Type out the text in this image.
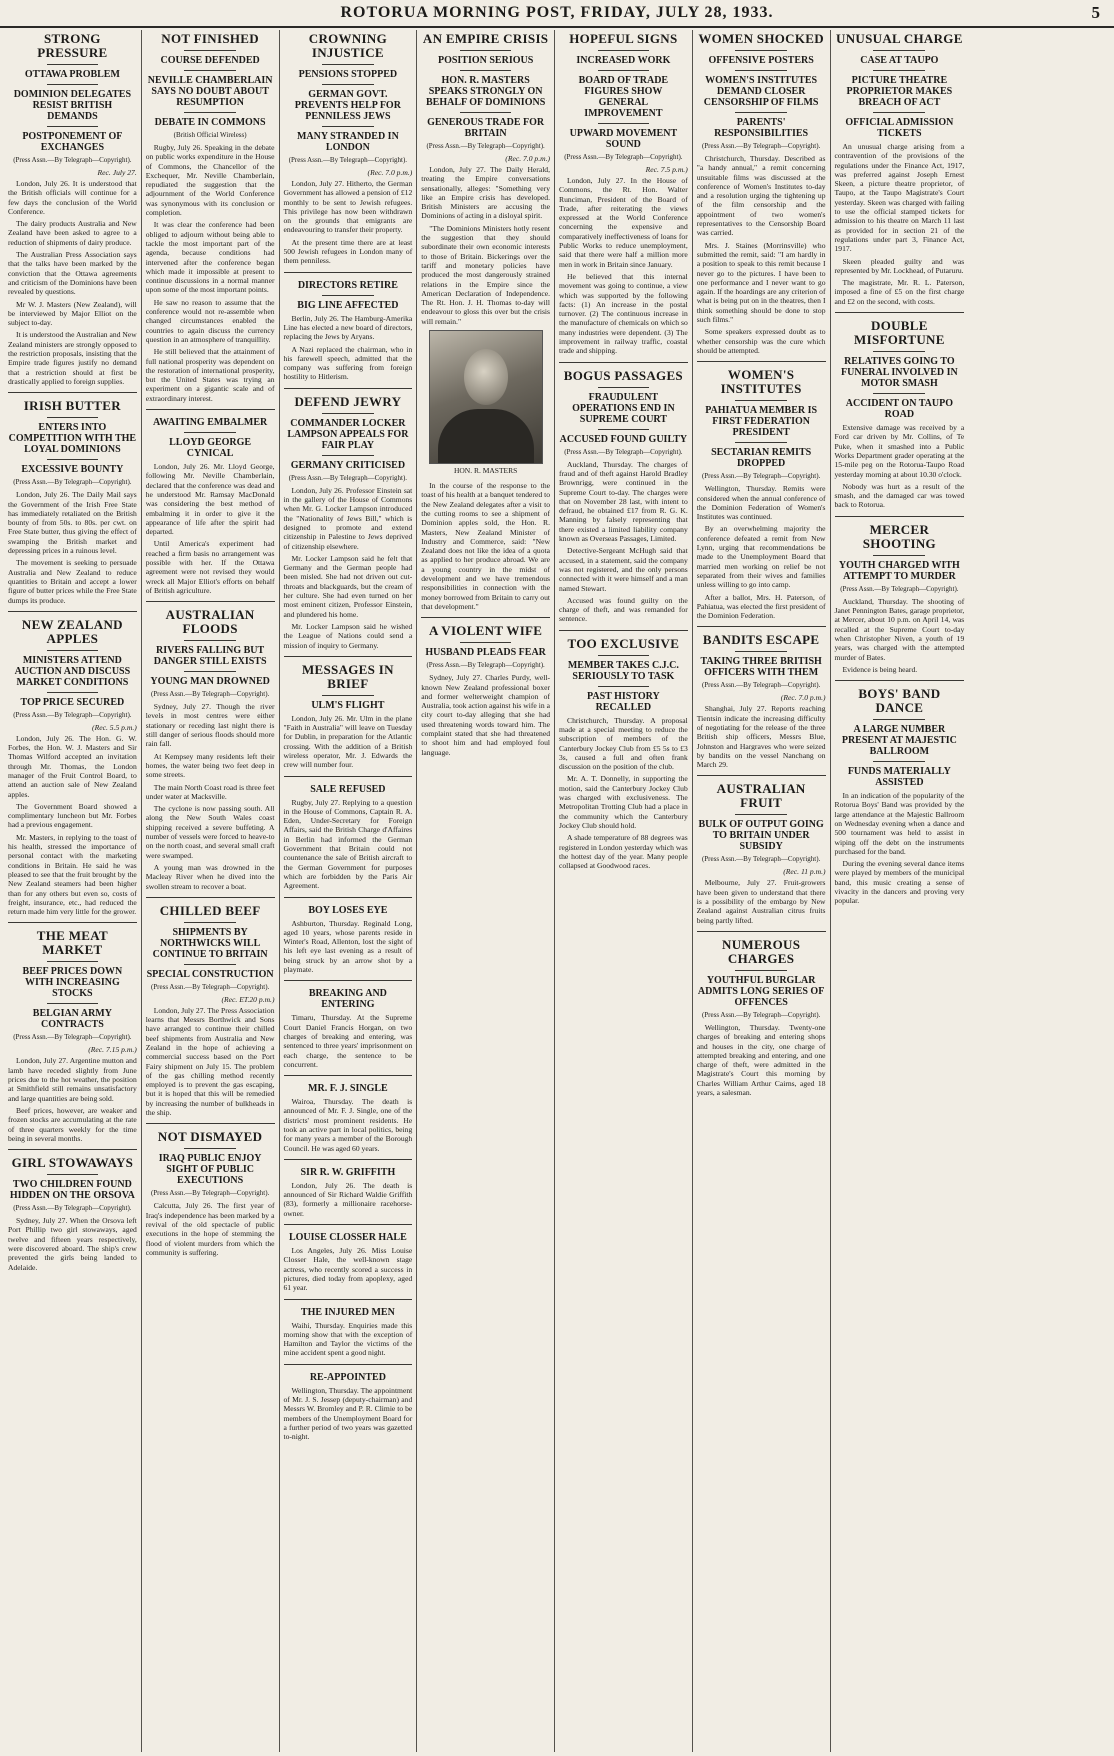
ROTORUA MORNING POST, FRIDAY, JULY 28, 1933.	5
STRONG PRESSURE
OTTAWA PROBLEM
DOMINION DELEGATES RESIST BRITISH DEMANDS
POSTPONEMENT OF EXCHANGES
(Press Assn.—By Telegraph—Copyright).
Rec. July 27.

London, July 26. It is understood that the British officials will continue for a few days the conclusion of the World Conference.

The dairy products Australia and New Zealand have been asked to agree to a reduction of shipments of dairy produce.

The Australian Press Association says that the talks have been marked by the conviction that the Ottawa agreements and criticism of the Dominions have been revealed by questions.

Mr W. J. Masters (New Zealand), will be interviewed by Major Elliot on the subject to-day.

It is understood the Australian and New Zealand ministers are strongly opposed to the restriction proposals, insisting that the Empire trade figures justify no demand that a restriction should at first be drastically applied to foreign supplies.

IRISH BUTTER
ENTERS INTO COMPETITION WITH THE LOYAL DOMINIONS
EXCESSIVE BOUNTY
(Press Assn.—By Telegraph—Copyright).

London, July 26. The Daily Mail says the Government of the Irish Free State has immediately retaliated on the British bounty of from 50s. to 80s. per cwt. on Free State butter, thus giving the effect of swamping the British market and depressing prices in a ruinous level.

The movement is seeking to persuade Australia and New Zealand to reduce quantities to Britain and accept a lower figure of butter prices while the Free State dumps its produce.

NEW ZEALAND APPLES
MINISTERS ATTEND AUCTION AND DISCUSS MARKET CONDITIONS
TOP PRICE SECURED
(Press Assn.—By Telegraph—Copyright).
(Rec. 5.5 p.m.)

London, July 26. The Hon. G. W. Forbes, the Hon. W. J. Masters and Sir Thomas Wilford accepted an invitation through Mr. Thomas, the London manager of the Fruit Control Board, to attend an auction sale of New Zealand apples.

The Government Board showed a complimentary luncheon but Mr. Forbes had a previous engagement.

Mr. Masters, in replying to the toast of his health, stressed the importance of personal contact with the marketing conditions in Britain. He said he was pleased to see that the fruit brought by the New Zealand steamers had been higher than for any others but even so, costs of freight, insurance, etc., had reduced the return made him very little for the grower.

THE MEAT MARKET
BEEF PRICES DOWN WITH INCREASING STOCKS
BELGIAN ARMY CONTRACTS
(Press Assn.—By Telegraph—Copyright).
(Rec. 7.15 p.m.)

London, July 27. Argentine mutton and lamb have receded slightly from June prices due to the hot weather, the position at Smithfield still remains unsatisfactory and large quantities are being sold.

Beef prices, however, are weaker and frozen stocks are accumulating at the rate of three quarters weekly for the time being in several months.

GIRL STOWAWAYS
TWO CHILDREN FOUND HIDDEN ON THE ORSOVA
(Press Assn.—By Telegraph—Copyright).

Sydney, July 27. When the Orsova left Port Phillip two girl stowaways, aged twelve and fifteen years respectively, were discovered aboard. The ship's crew prevented the girls being landed to Adelaide.

NOT FINISHED
COURSE DEFENDED
NEVILLE CHAMBERLAIN SAYS NO DOUBT ABOUT RESUMPTION
DEBATE IN COMMONS
(British Official Wireless)

Rugby, July 26. Speaking in the debate on public works expenditure in the House of Commons, the Chancellor of the Exchequer, Mr. Neville Chamberlain, repudiated the suggestion that the adjournment of the World Conference was synonymous with its conclusion or completion.

It was clear the conference had been obliged to adjourn without being able to tackle the most important part of the agenda, because conditions had intervened after the conference began which made it impossible at present to continue discussions in a normal manner upon some of the most important points.

He saw no reason to assume that the conference would not re-assemble when changed circumstances enabled the countries to again discuss the currency question in an atmosphere of tranquillity.

He still believed that the attainment of full national prosperity was dependent on the restoration of international prosperity, but the United States was trying an experiment on a gigantic scale and of extraordinary interest.

AWAITING EMBALMER
LLOYD GEORGE CYNICAL

London, July 26. Mr. Lloyd George, following Mr. Neville Chamberlain, declared that the conference was dead and he understood Mr. Ramsay MacDonald was considering the best method of embalming it in order to give it the appearance of life after the spirit had departed.

Until America's experiment had reached a firm basis no arrangement was possible with her. If the Ottawa agreement were not revised they would wreck all Major Elliot's efforts on behalf of British agriculture.

AUSTRALIAN FLOODS
RIVERS FALLING BUT DANGER STILL EXISTS
YOUNG MAN DROWNED
(Press Assn.—By Telegraph—Copyright).

Sydney, July 27. Though the river levels in most centres were either stationary or receding last night there is still danger of serious floods should more rain fall.

At Kempsey many residents left their homes, the water being two feet deep in some streets.

The main North Coast road is three feet under water at Macksville.

The cyclone is now passing south. All along the New South Wales coast shipping received a severe buffeting. A number of vessels were forced to heave-to on the north coast, and several small craft were swamped.

A young man was drowned in the Macleay River when he dived into the swollen stream to recover a boat.

CHILLED BEEF
SHIPMENTS BY NORTHWICKS WILL CONTINUE TO BRITAIN
SPECIAL CONSTRUCTION
(Press Assn.—By Telegraph—Copyright).
(Rec. ET.20 p.m.)

London, July 27. The Press Association learns that Messrs Borthwick and Sons have arranged to continue their chilled beef shipments from Australia and New Zealand in the hope of achieving a commercial success based on the Port Fairy shipment on July 15. The problem of the gas chilling method recently employed is to prevent the gas escaping, but it is hoped that this will be remedied by increasing the number of bulkheads in the ship.

NOT DISMAYED
IRAQ PUBLIC ENJOY SIGHT OF PUBLIC EXECUTIONS
(Press Assn.—By Telegraph—Copyright).

Calcutta, July 26. The first year of Iraq's independence has been marked by a revival of the old spectacle of public executions in the hope of stemming the flood of violent murders from which the community is suffering.

CROWNING INJUSTICE
PENSIONS STOPPED
GERMAN GOVT. PREVENTS HELP FOR PENNILESS JEWS
MANY STRANDED IN LONDON
(Press Assn.—By Telegraph—Copyright).
(Rec. 7.0 p.m.)

London, July 27. Hitherto, the German Government has allowed a pension of £12 monthly to be sent to Jewish refugees. This privilege has now been withdrawn on the grounds that emigrants are endeavouring to transfer their property.

At the present time there are at least 500 Jewish refugees in London many of them penniless.

DIRECTORS RETIRE
BIG LINE AFFECTED

Berlin, July 26. The Hamburg-Amerika Line has elected a new board of directors, replacing the Jews by Aryans.

A Nazi replaced the chairman, who in his farewell speech, admitted that the company was suffering from foreign hostility to Hitlerism.

DEFEND JEWRY
COMMANDER LOCKER LAMPSON APPEALS FOR FAIR PLAY
GERMANY CRITICISED
(Press Assn.—By Telegraph—Copyright).

London, July 26. Professor Einstein sat in the gallery of the House of Commons when Mr. G. Locker Lampson introduced the "Nationality of Jews Bill," which is designed to promote and extend citizenship in Palestine to Jews deprived of citizenship elsewhere.

Mr. Locker Lampson said he felt that Germany and the German people had been misled. She had not driven out cut-throats and blackguards, but the cream of her culture. She had even turned on her most eminent citizen, Professor Einstein, and plundered his home.

Mr. Locker Lampson said he wished the League of Nations could send a mission of inquiry to Germany.

MESSAGES IN BRIEF
ULM'S FLIGHT

London, July 26. Mr. Ulm in the plane "Faith in Australia" will leave on Tuesday for Dublin, in preparation for the Atlantic crossing. With the addition of a British wireless operator, Mr. J. Edwards the crew will number four.

SALE REFUSED

Rugby, July 27. Replying to a question in the House of Commons, Captain R. A. Eden, Under-Secretary for Foreign Affairs, said the British Charge d'Affaires in Berlin had informed the German Government that Britain could not countenance the sale of British aircraft to the German Government for purposes which are forbidden by the Paris Air Agreement.

BOY LOSES EYE

Ashburton, Thursday. Reginald Long, aged 10 years, whose parents reside in Winter's Road, Allenton, lost the sight of his left eye last evening as a result of being struck by an arrow shot by a playmate.

BREAKING AND ENTERING

Timaru, Thursday. At the Supreme Court Daniel Francis Horgan, on two charges of breaking and entering, was sentenced to three years' imprisonment on each charge, the sentence to be concurrent.

MR. F. J. SINGLE

Wairoa, Thursday. The death is announced of Mr. F. J. Single, one of the districts' most prominent residents. He took an active part in local politics, being for many years a member of the Borough Council. He was aged 60 years.

SIR R. W. GRIFFITH

London, July 26. The death is announced of Sir Richard Waldie Griffith (83), formerly a millionaire racehorse-owner.

LOUISE CLOSSER HALE

Los Angeles, July 26. Miss Louise Closser Hale, the well-known stage actress, who recently scored a success in pictures, died today from apoplexy, aged 61 year.

THE INJURED MEN

Waihi, Thursday. Enquiries made this morning show that with the exception of Hamilton and Taylor the victims of the mine accident spent a good night.

RE-APPOINTED

Wellington, Thursday. The appointment of Mr. J. S. Jessep (deputy-chairman) and Messrs W. Bromley and P. R. Climie to be members of the Unemployment Board for a further period of two years was gazetted to-night.

AN EMPIRE CRISIS
POSITION SERIOUS
HON. R. MASTERS SPEAKS STRONGLY ON BEHALF OF DOMINIONS
GENEROUS TRADE FOR BRITAIN
(Press Assn.—By Telegraph—Copyright).
(Rec. 7.0 p.m.)

London, July 27. The Daily Herald, treating the Empire conversations sensationally, alleges: "Something very like an Empire crisis has developed. British Ministers are accusing the Dominions of acting in a disloyal spirit.

"The Dominions Ministers hotly resent the suggestion that they should subordinate their own economic interests to those of Britain. Bickerings over the tariff and monetary policies have produced the most dangerously strained relations in the Empire since the American Declaration of Independence. The Rt. Hon. J. H. Thomas to-day will endeavour to gloss this over but the crisis will remain."

HON. R. MASTERS

In the course of the response to the toast of his health at a banquet tendered to the New Zealand delegates after a visit to the cutting rooms to see a shipment of Dominion apples sold, the Hon. R. Masters, New Zealand Minister of Industry and Commerce, said: "New Zealand does not like the idea of a quota as applied to her produce abroad. We are a young country in the midst of development and we have tremendous responsibilities in connection with the money borrowed from Britain to carry out that development."

A VIOLENT WIFE
HUSBAND PLEADS FEAR
(Press Assn.—By Telegraph—Copyright).

Sydney, July 27. Charles Purdy, well-known New Zealand professional boxer and former welterweight champion of Australia, took action against his wife in a city court to-day alleging that she had used threatening words toward him. The complaint stated that she had threatened to shoot him and had employed foul language.

HOPEFUL SIGNS
INCREASED WORK
BOARD OF TRADE FIGURES SHOW GENERAL IMPROVEMENT
UPWARD MOVEMENT SOUND
(Press Assn.—By Telegraph—Copyright).
Rec. 7.5 p.m.)

London, July 27. In the House of Commons, the Rt. Hon. Walter Runciman, President of the Board of Trade, after reiterating the views expressed at the World Conference concerning the expensive and comparatively ineffectiveness of loans for Public Works to reduce unemployment, said that there were half a million more men in work in Britain since January.

He believed that this internal movement was going to continue, a view which was supported by the following facts: (1) An increase in the postal turnover. (2) The continuous increase in the manufacture of chemicals on which so many industries were dependent. (3) The improvement in railway traffic, coastal trade and shipping.

BOGUS PASSAGES
FRAUDULENT OPERATIONS END IN SUPREME COURT
ACCUSED FOUND GUILTY
(Press Assn.—By Telegraph—Copyright).

Auckland, Thursday. The charges of fraud and of theft against Harold Bradley Brownrigg, were continued in the Supreme Court to-day. The charges were that on November 28 last, with intent to defraud, he obtained £17 from R. G. K. Manning by falsely representing that there existed a limited liability company known as Overseas Passages, Limited.

Detective-Sergeant McHugh said that accused, in a statement, said the company was not registered, and the only persons connected with it were himself and a man named Stewart.

Accused was found guilty on the charge of theft, and was remanded for sentence.

TOO EXCLUSIVE
MEMBER TAKES C.J.C. SERIOUSLY TO TASK
PAST HISTORY RECALLED

Christchurch, Thursday. A proposal made at a special meeting to reduce the subscription of members of the Canterbury Jockey Club from £5 5s to £3 3s, caused a full and often frank discussion on the position of the club.

Mr. A. T. Donnelly, in supporting the motion, said the Canterbury Jockey Club was charged with exclusiveness. The Metropolitan Trotting Club had a place in the community which the Canterbury Jockey Club should hold.

A shade temperature of 88 degrees was registered in London yesterday which was the hottest day of the year. Many people collapsed at Goodwood races.

WOMEN SHOCKED
OFFENSIVE POSTERS
WOMEN'S INSTITUTES DEMAND CLOSER CENSORSHIP OF FILMS
PARENTS' RESPONSIBILITIES
(Press Assn.—By Telegraph—Copyright).

Christchurch, Thursday. Described as "a handy annual," a remit concerning unsuitable films was discussed at the conference of Women's Institutes to-day and a resolution urging the tightening up of the film censorship and the appointment of two women's representatives to the Censorship Board was carried.

Mrs. J. Staines (Morrinsville) who submitted the remit, said: "I am hardly in a position to speak to this remit because I never go to the pictures. I have been to one performance and I never want to go again. If the hoardings are any criterion of what is being put on in the theatres, then I think something should be done to stop such films."

Some speakers expressed doubt as to whether censorship was the cure which should be attempted.

WOMEN'S INSTITUTES
PAHIATUA MEMBER IS FIRST FEDERATION PRESIDENT
SECTARIAN REMITS DROPPED
(Press Assn.—By Telegraph—Copyright).

Wellington, Thursday. Remits were considered when the annual conference of the Dominion Federation of Women's Institutes was continued.

By an overwhelming majority the conference defeated a remit from New Lynn, urging that recommendations be made to the Unemployment Board that married men working on relief be not separated from their wives and families unless willing to go into camp.

After a ballot, Mrs. H. Paterson, of Pahiatua, was elected the first president of the Dominion Federation.

BANDITS ESCAPE
TAKING THREE BRITISH OFFICERS WITH THEM
(Press Assn.—By Telegraph—Copyright).
(Rec. 7.0 p.m.)

Shanghai, July 27. Reports reaching Tientsin indicate the increasing difficulty of negotiating for the release of the three British ship officers, Messrs Blue, Johnston and Hargraves who were seized by bandits on the vessel Nanchang on March 29.

AUSTRALIAN FRUIT
BULK OF OUTPUT GOING TO BRITAIN UNDER SUBSIDY
(Press Assn.—By Telegraph—Copyright).
(Rec. 11 p.m.)

Melbourne, July 27. Fruit-growers have been given to understand that there is a possibility of the embargo by New Zealand against Australian citrus fruits being partly lifted.

NUMEROUS CHARGES
YOUTHFUL BURGLAR ADMITS LONG SERIES OF OFFENCES
(Press Assn.—By Telegraph—Copyright).

Wellington, Thursday. Twenty-one charges of breaking and entering shops and houses in the city, one charge of attempted breaking and entering, and one charge of theft, were admitted in the Magistrate's Court this morning by Charles William Arthur Cairns, aged 18 years, a salesman.

UNUSUAL CHARGE
CASE AT TAUPO
PICTURE THEATRE PROPRIETOR MAKES BREACH OF ACT
OFFICIAL ADMISSION TICKETS

An unusual charge arising from a contravention of the provisions of the regulations under the Finance Act, 1917, was preferred against Joseph Ernest Skeen, a picture theatre proprietor, of Taupo, at the Taupo Magistrate's Court yesterday. Skeen was charged with failing to use the official stamped tickets for admission to his theatre on March 11 last as provided for in section 21 of the regulations under part 3, Finance Act, 1917.

Skeen pleaded guilty and was represented by Mr. Lockhead, of Putaruru.

The magistrate, Mr. R. L. Paterson, imposed a fine of £5 on the first charge and £2 on the second, with costs.

DOUBLE MISFORTUNE
RELATIVES GOING TO FUNERAL INVOLVED IN MOTOR SMASH
ACCIDENT ON TAUPO ROAD

Extensive damage was received by a Ford car driven by Mr. Collins, of Te Puke, when it smashed into a Public Works Department grader operating at the 15-mile peg on the Rotorua-Taupo Road yesterday morning at about 10.30 o'clock.

Nobody was hurt as a result of the smash, and the damaged car was towed back to Rotorua.

MERCER SHOOTING
YOUTH CHARGED WITH ATTEMPT TO MURDER
(Press Assn.—By Telegraph—Copyright).

Auckland, Thursday. The shooting of Janet Pennington Bates, garage proprietor, at Mercer, about 10 p.m. on April 14, was recalled at the Supreme Court to-day when Christopher Niven, a youth of 19 years, was charged with the attempted murder of Bates.

Evidence is being heard.

BOYS' BAND DANCE
A LARGE NUMBER PRESENT AT MAJESTIC BALLROOM
FUNDS MATERIALLY ASSISTED

In an indication of the popularity of the Rotorua Boys' Band was provided by the large attendance at the Majestic Ballroom on Wednesday evening when a dance and 500 tournament was held to assist in wiping off the debt on the instruments purchased for the band.

During the evening several dance items were played by members of the municipal band, this music creating a sense of vivacity in the dancers and proving very popular.
